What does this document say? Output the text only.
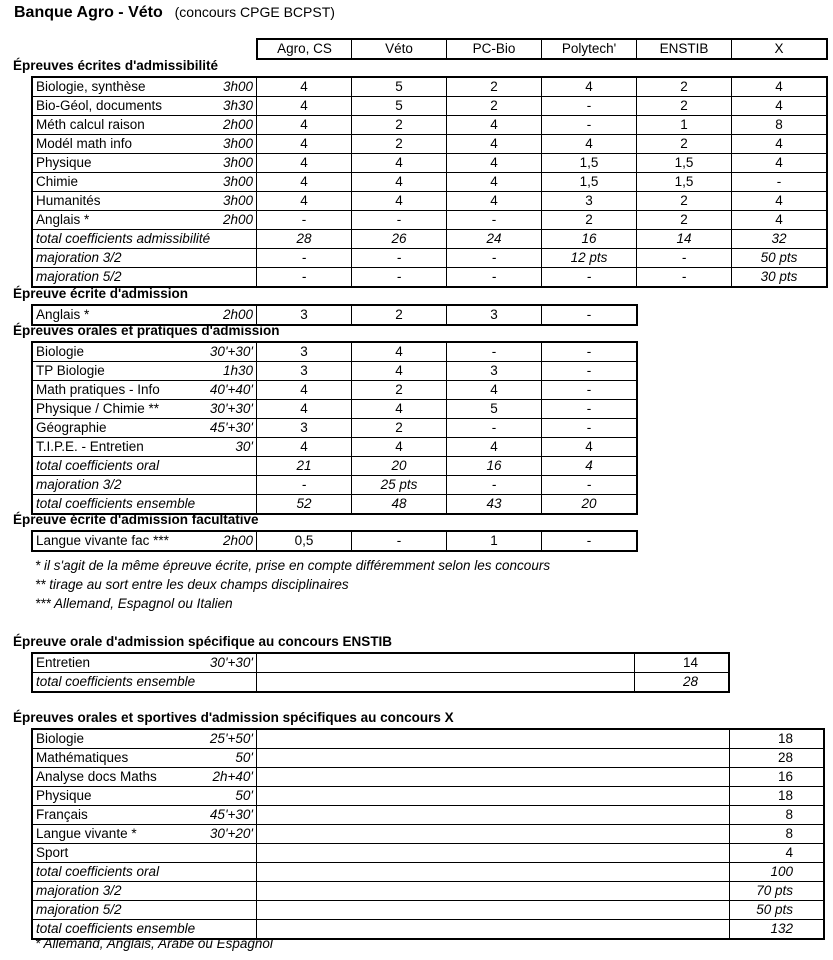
Banque Agro - Véto (concours CPGE BCPST)
Agro, CS	Véto	PC-Bio	Polytech'	ENSTIB	X
Épreuves écrites d'admissibilité
Biologie, synthèse	3h00	4	5	2	4	2	4
Bio-Géol, documents	3h30	4	5	2	-	2	4
Méth calcul raison	2h00	4	2	4	-	1	8
Modél math info	3h00	4	2	4	4	2	4
Physique	3h00	4	4	4	1,5	1,5	4
Chimie	3h00	4	4	4	1,5	1,5	-
Humanités	3h00	4	4	4	3	2	4
Anglais *	2h00	-	-	-	2	2	4
total coefficients admissibilité	28	26	24	16	14	32
majoration 3/2	-	-	-	12 pts	-	50 pts
majoration 5/2	-	-	-	-	-	30 pts
Épreuve écrite d'admission
Anglais *	2h00	3	2	3	-
Épreuves orales et pratiques d'admission
Biologie	30'+30'	3	4	-	-
TP Biologie	1h30	3	4	3	-
Math pratiques - Info	40'+40'	4	2	4	-
Physique / Chimie **	30'+30'	4	4	5	-
Géographie	45'+30'	3	2	-	-
T.I.P.E. - Entretien	30'	4	4	4	4
total coefficients oral	21	20	16	4
majoration 3/2	-	25 pts	-	-
total coefficients ensemble	52	48	43	20
Épreuve écrite d'admission facultative
Langue vivante fac ***	2h00	0,5	-	1	-
* il s'agit de la même épreuve écrite, prise en compte différemment selon les concours
** tirage au sort entre les deux champs disciplinaires
*** Allemand, Espagnol ou Italien
Épreuve orale d'admission spécifique au concours ENSTIB
Entretien	30'+30'	14
total coefficients ensemble	28
Épreuves orales et sportives d'admission spécifiques au concours X
Biologie	25'+50'	18
Mathématiques	50'	28
Analyse docs Maths	2h+40'	16
Physique	50'	18
Français	45'+30'	8
Langue vivante *	30'+20'	8
Sport	4
total coefficients oral	100
majoration 3/2	70 pts
majoration 5/2	50 pts
total coefficients ensemble	132
* Allemand, Anglais, Arabe ou Espagnol
